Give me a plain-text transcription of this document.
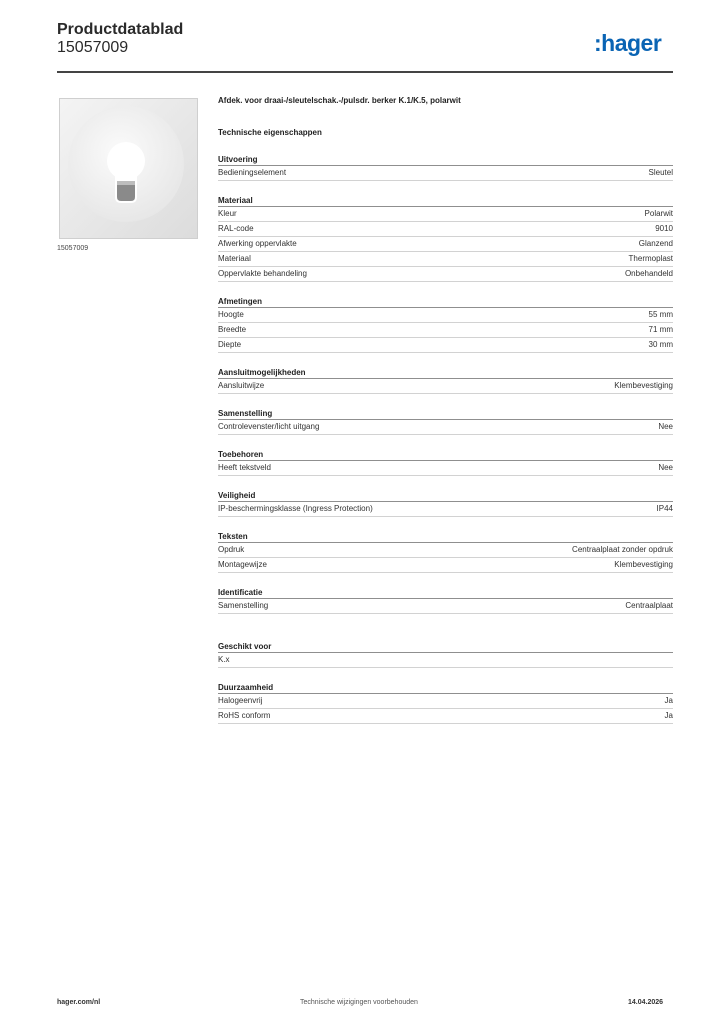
Productdatablad
15057009	:hager
15057009
Afdek. voor draai-/sleutelschak.-/pulsdr. berker K.1/K.5, polarwit
Technische eigenschappen
Uitvoering
Bedieningselement	Sleutel
Materiaal
Kleur	Polarwit
RAL-code	9010
Afwerking oppervlakte	Glanzend
Materiaal	Thermoplast
Oppervlakte behandeling	Onbehandeld
Afmetingen
Hoogte	55 mm
Breedte	71 mm
Diepte	30 mm
Aansluitmogelijkheden
Aansluitwijze	Klembevestiging
Samenstelling
Controlevenster/licht uitgang	Nee
Toebehoren
Heeft tekstveld	Nee
Veiligheid
IP-beschermingsklasse (Ingress Protection)	IP44
Teksten
Opdruk	Centraalplaat zonder opdruk
Montagewijze	Klembevestiging
Identificatie
Samenstelling	Centraalplaat
Geschikt voor
K.x
Duurzaamheid
Halogeenvrij	Ja
RoHS conform	Ja
hager.com/nl	Technische wijzigingen voorbehouden	14.04.2026
